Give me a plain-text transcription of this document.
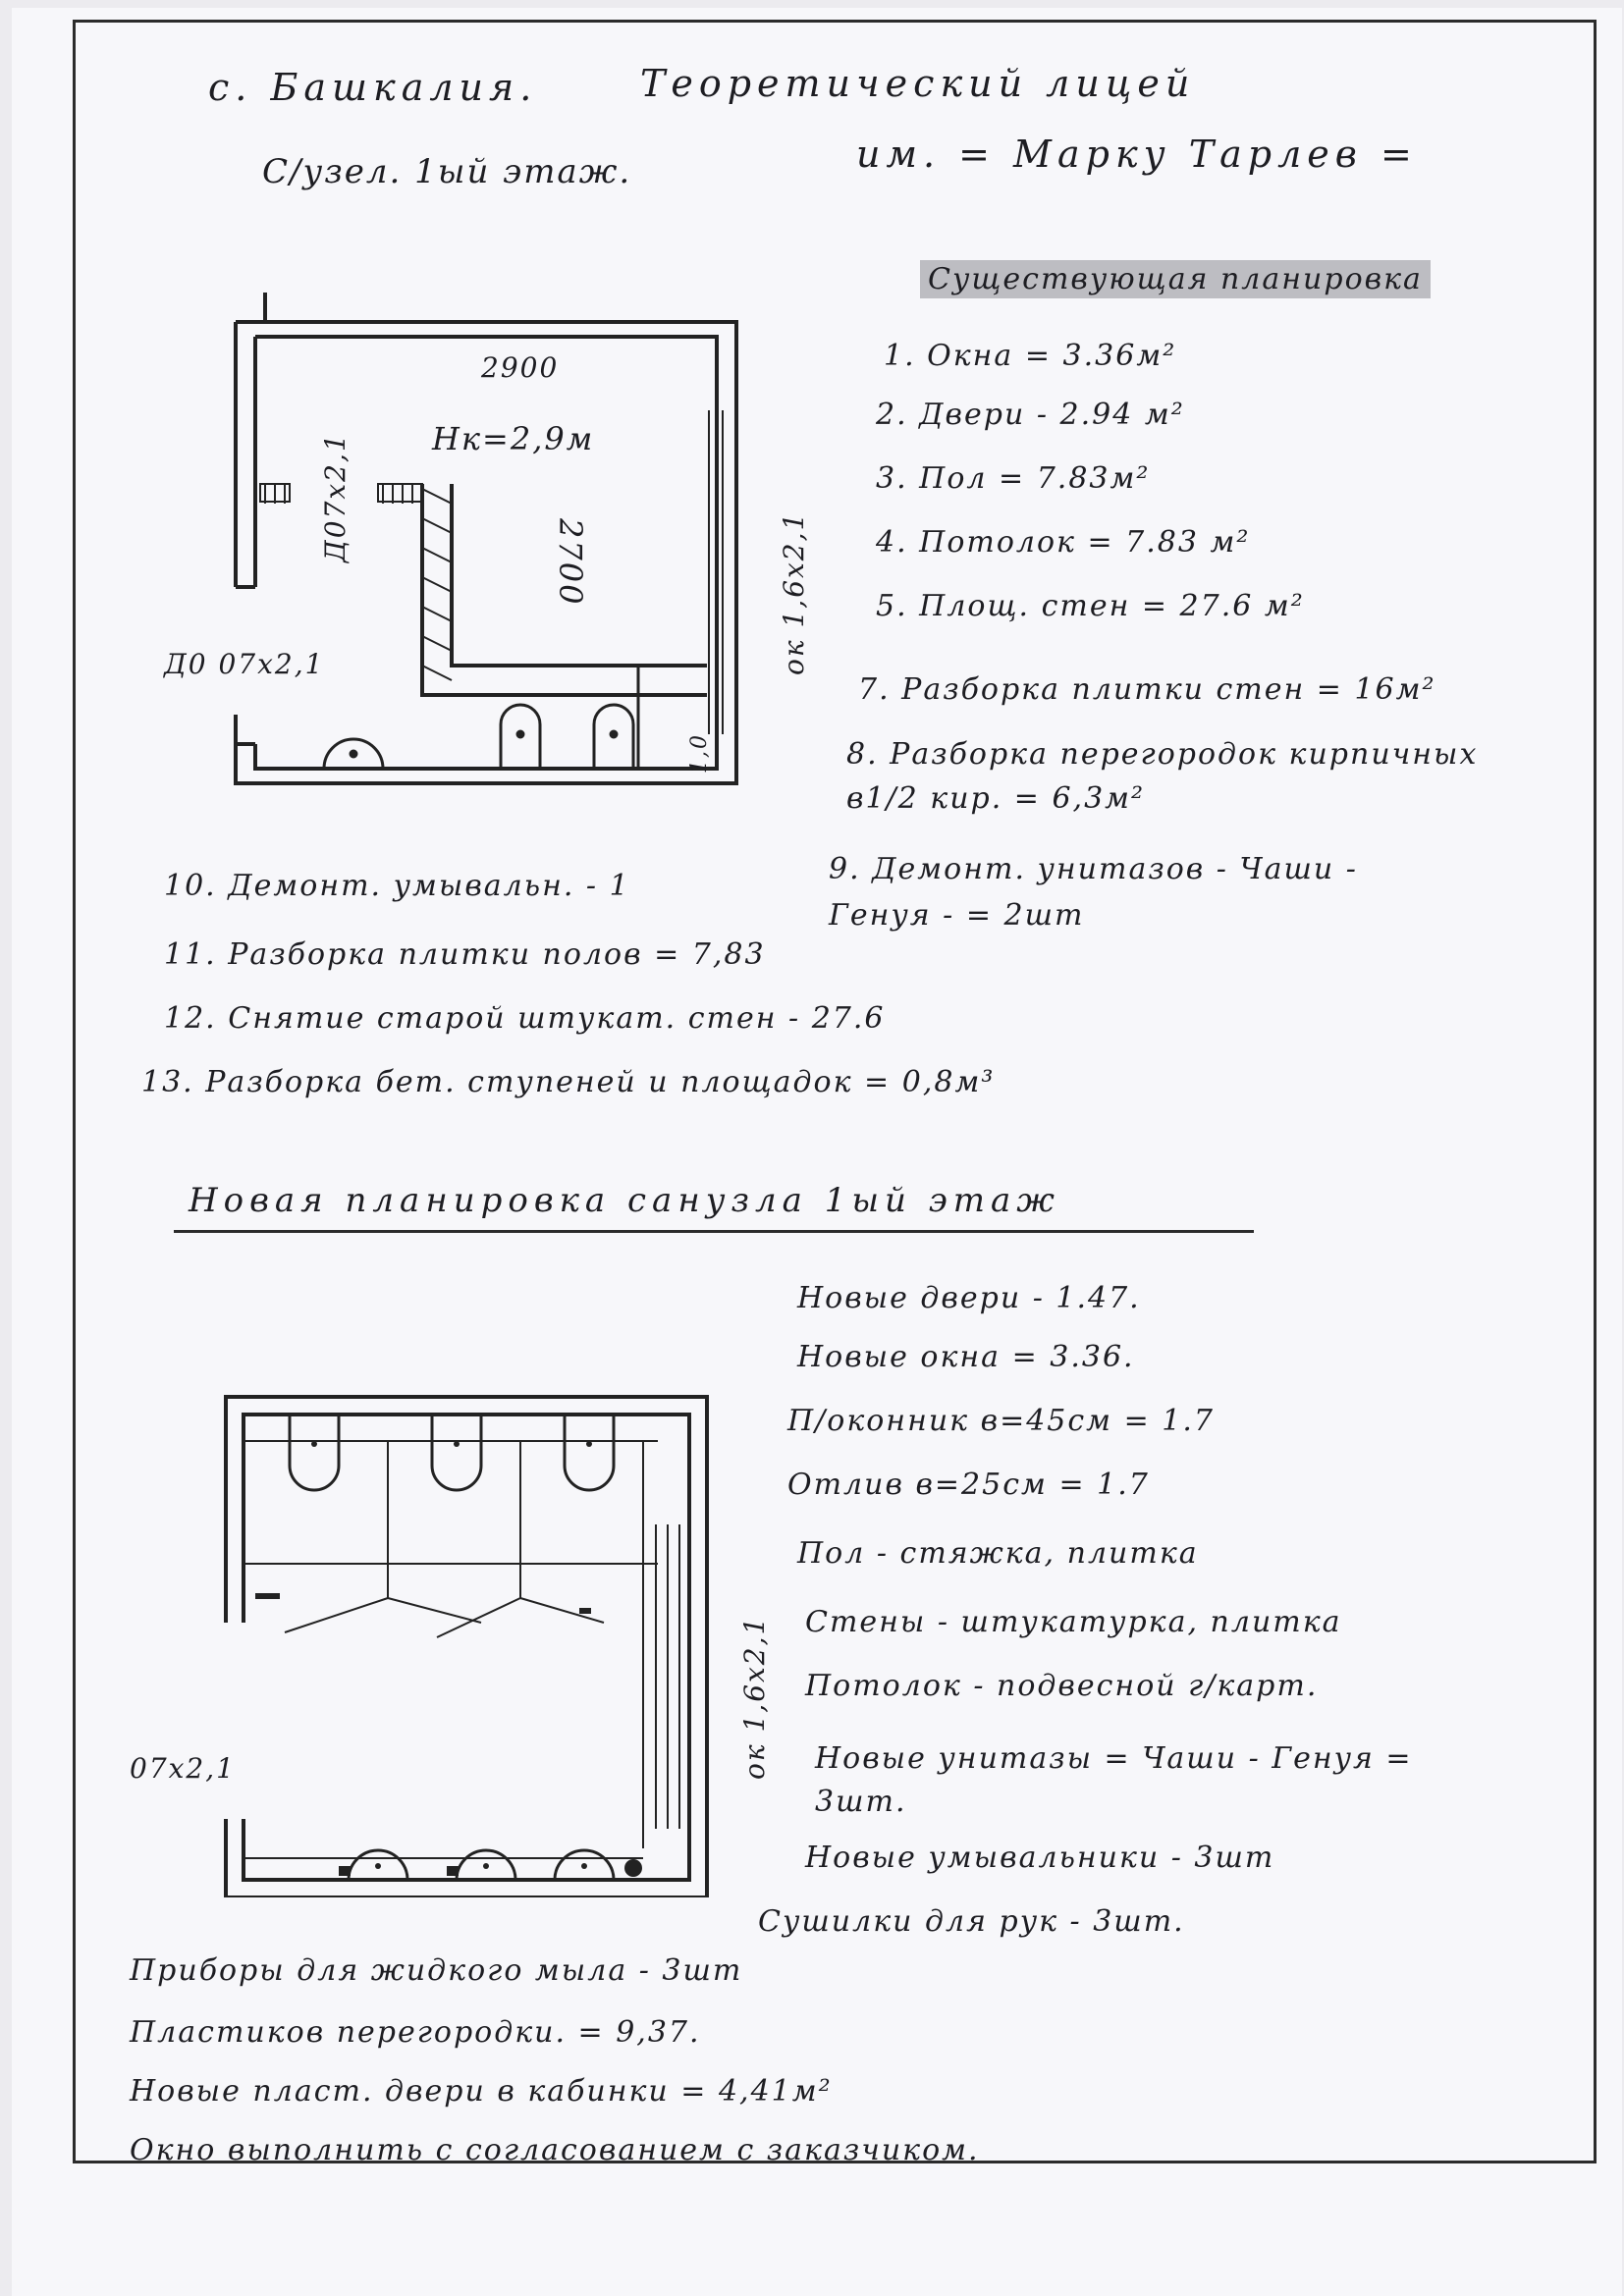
с. Башкалия.	Теоретический лицей
им. = Марку Тарлев =
С/узел. 1ый этаж.
Существующая планировка
2900
Hк=2,9м
2700
Д07х2,1
1,0
Д0 07х2,1	ок 1,6х2,1
1. Окна = 3.36м²
2. Двери - 2.94 м²
3. Пол = 7.83м²
4. Потолок = 7.83 м²
5. Площ. стен = 27.6 м²
7. Разборка плитки стен = 16м²
8. Разборка перегородок кирпичных в1/2 кир. = 6,3м²
9. Демонт. унитазов - Чаши - Генуя - = 2шт
10. Демонт. умывальн. - 1
11. Разборка плитки полов = 7,83
12. Снятие старой штукат. стен - 27.6
13. Разборка бет. ступеней и площадок = 0,8м³
Новая планировка санузла 1ый этаж
07х2,1	ок 1,6х2,1
Новые двери - 1.47.
Новые окна = 3.36.
П/оконник в=45см = 1.7
Отлив в=25см = 1.7
Пол - стяжка, плитка
Стены - штукатурка, плитка
Потолок - подвесной г/карт.
Новые унитазы = Чаши - Генуя = 3шт.
Новые умывальники - 3шт
Сушилки для рук - 3шт.
Приборы для жидкого мыла - 3шт
Пластиков перегородки. = 9,37.
Новые пласт. двери в кабинки = 4,41м²
Окно выполнить с согласованием с заказчиком.
